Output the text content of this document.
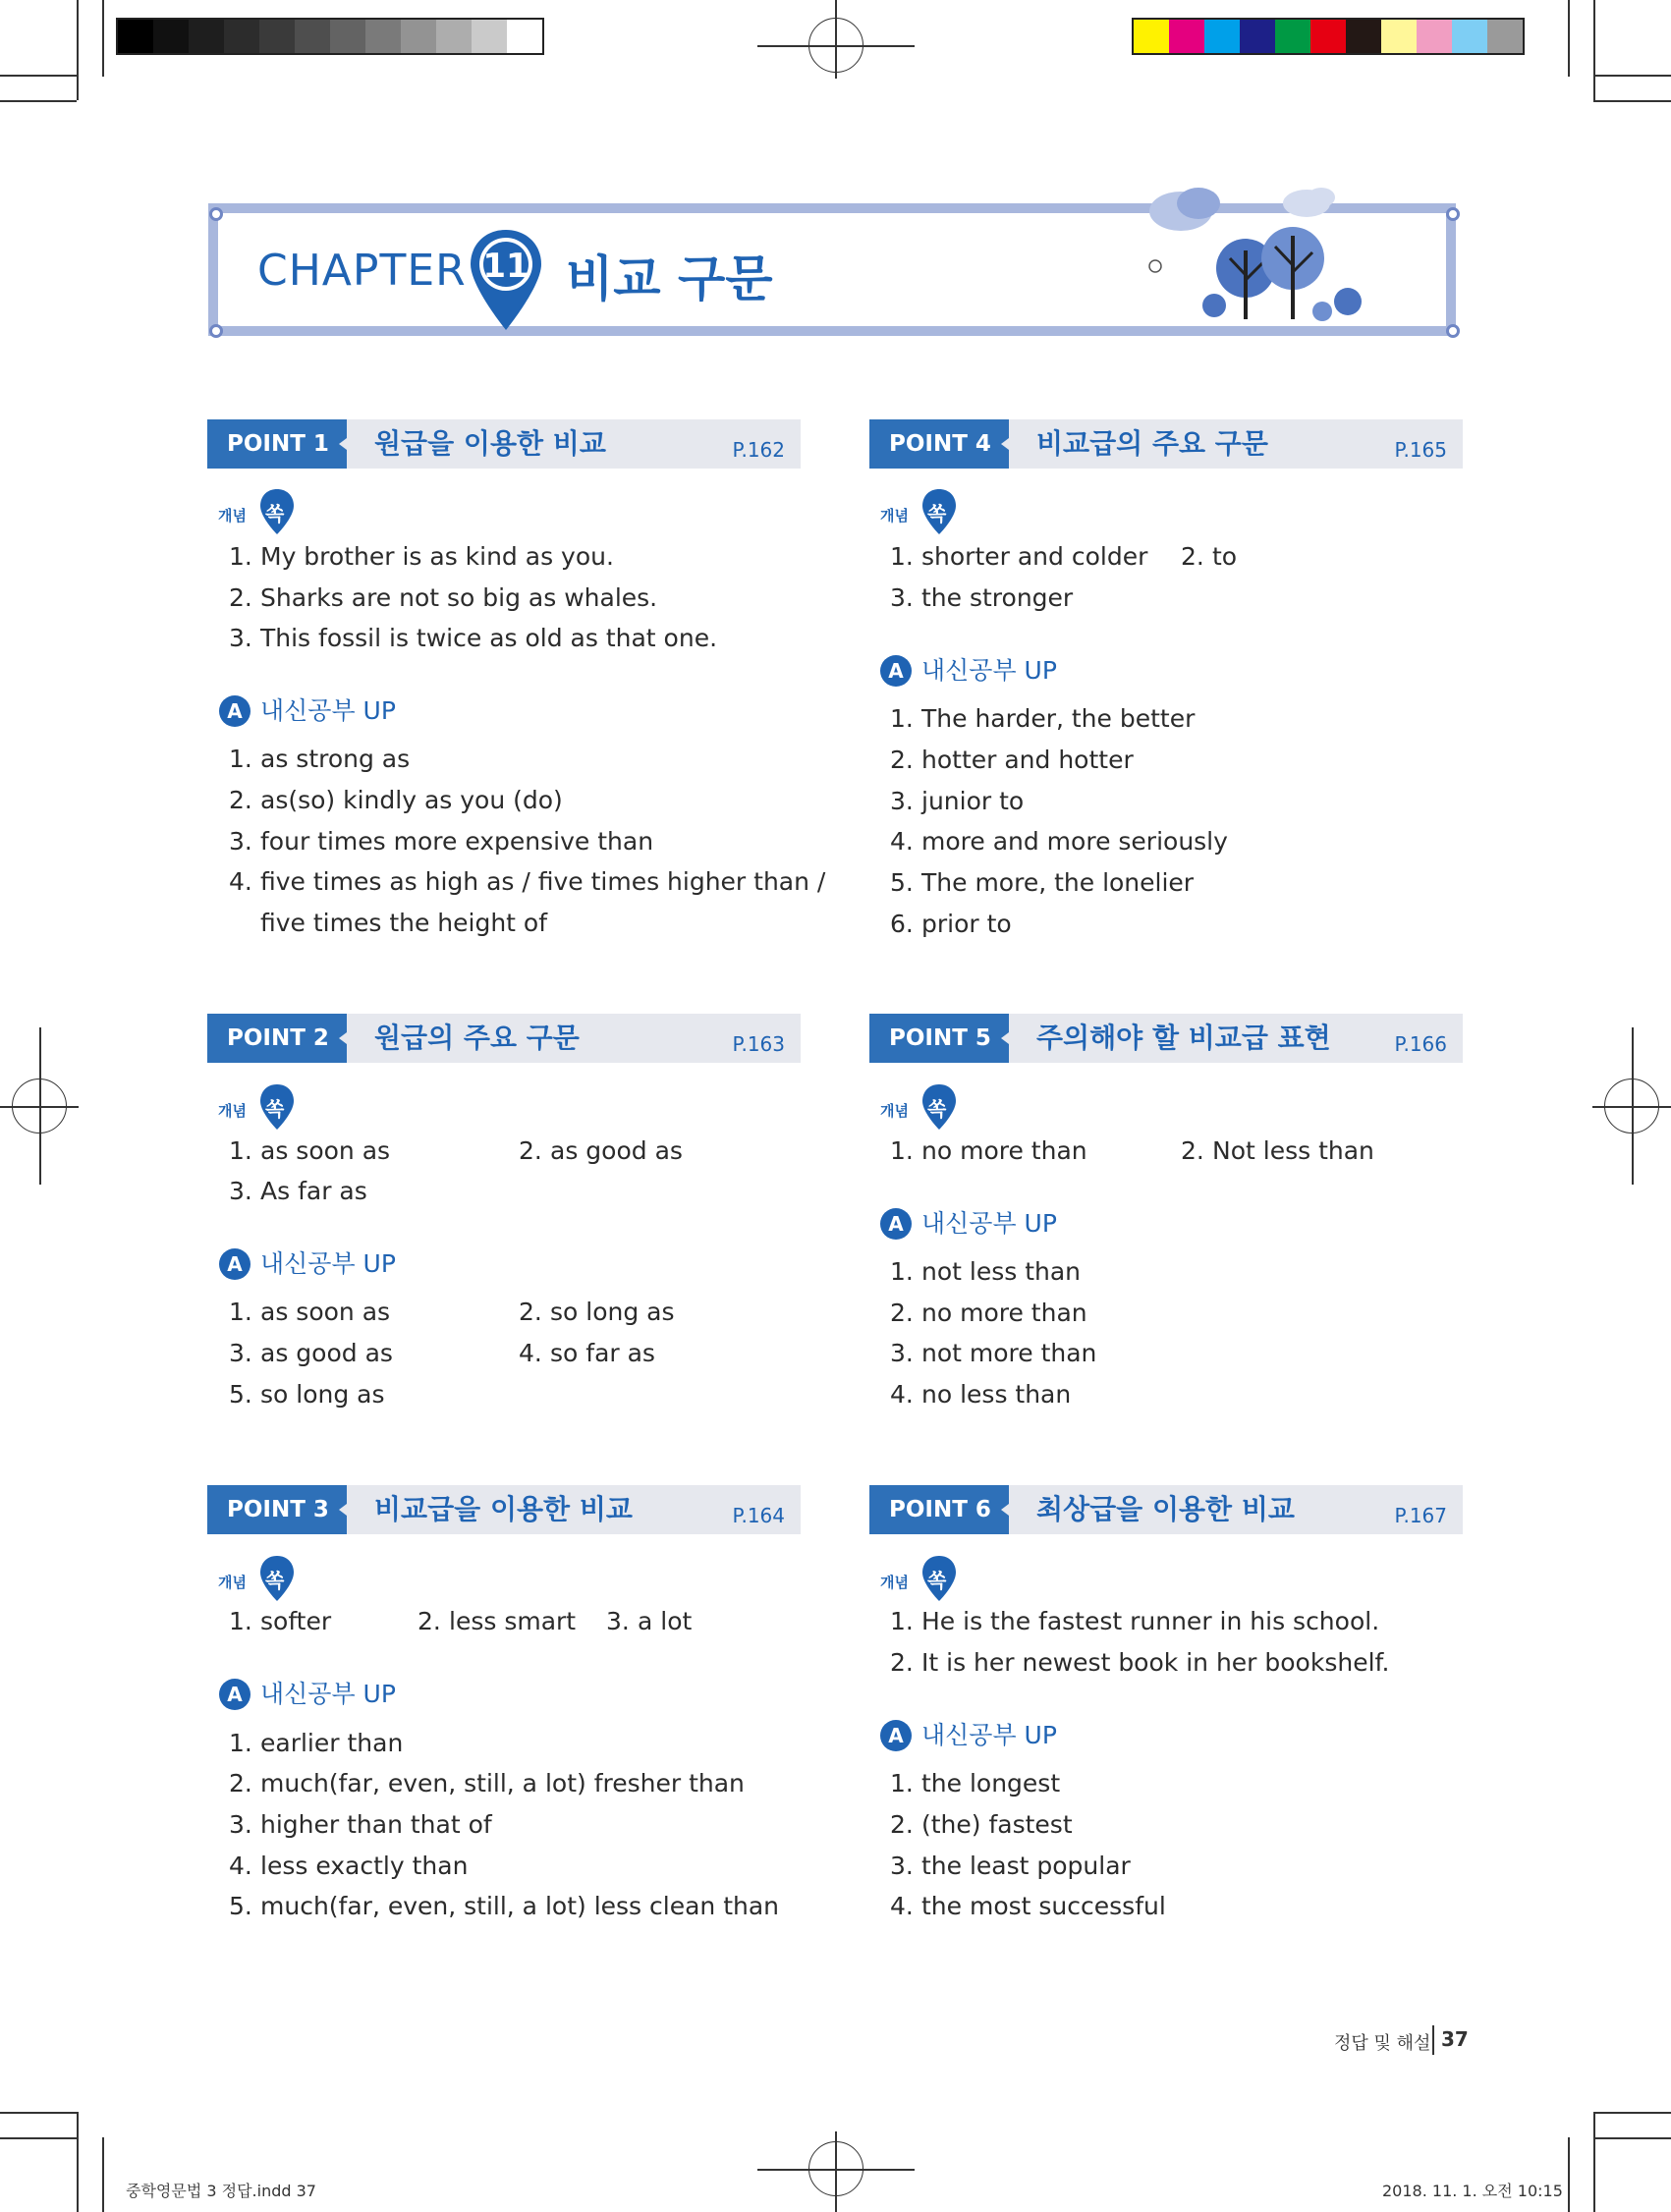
CHAPTER 11 비교 구문
POINT 1	원급을 이용한 비교	P.162
개념 쏙
1. My brother is as kind as you.
2. Sharks are not so big as whales.
3. This fossil is twice as old as that one.
A 내신공부 UP
1. as strong as
2. as(so) kindly as you (do)
3. four times more expensive than
4. five times as high as / five times higher than /
five times the height of
POINT 2	원급의 주요 구문	P.163
개념 쏙
1. as soon as	2. as good as
3. As far as
A 내신공부 UP
1. as soon as	2. so long as
3. as good as	4. so far as
5. so long as
POINT 3	비교급을 이용한 비교	P.164
개념 쏙
1. softer	2. less smart 3. a lot
A 내신공부 UP
1. earlier than
2. much(far, even, still, a lot) fresher than
3. higher than that of
4. less exactly than
5. much(far, even, still, a lot) less clean than
POINT 4	비교급의 주요 구문	P.165
개념 쏙
1. shorter and colder 2. to
3. the stronger
A 내신공부 UP
1. The harder, the better
2. hotter and hotter
3. junior to
4. more and more seriously
5. The more, the lonelier
6. prior to
POINT 5	주의해야 할 비교급 표현	P.166
개념 쏙
1. no more than	2. Not less than
A 내신공부 UP
1. not less than
2. no more than
3. not more than
4. no less than
POINT 6	최상급을 이용한 비교	P.167
개념 쏙
1. He is the fastest runner in his school.
2. It is her newest book in her bookshelf.
A 내신공부 UP
1. the longest
2. (the) fastest
3. the least popular
4. the most successful
정답 및 해설 37
중학영문법 3 정답.indd 37	2018. 11. 1. 오전 10:15
